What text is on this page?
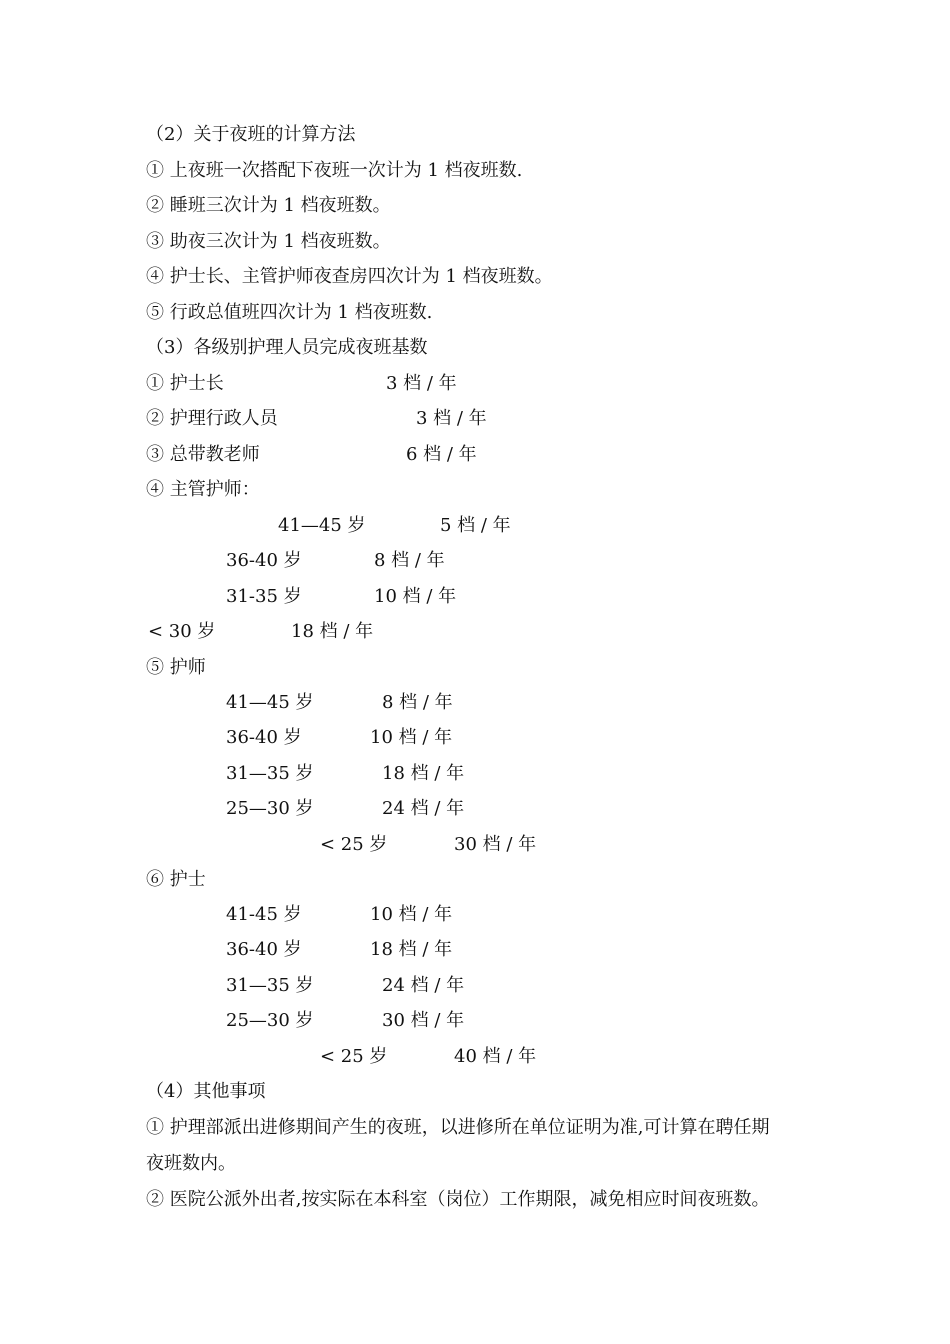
（2）关于夜班的计算方法

① 上夜班一次搭配下夜班一次计为 1 档夜班数.

② 睡班三次计为 1 档夜班数。

③ 助夜三次计为 1 档夜班数。

④ 护士长、主管护师夜查房四次计为 1 档夜班数。

⑤ 行政总值班四次计为 1 档夜班数.

（3）各级别护理人员完成夜班基数

① 护士长	3 档 / 年

② 护理行政人员	3 档 / 年

③ 总带教老师	6 档 / 年

④ 主管护师：

41—45 岁	5 档 / 年

36-40 岁	8 档 / 年

31-35 岁	10 档 / 年

< 30 岁	18 档 / 年

⑤ 护师

41—45 岁	8 档 / 年

36-40 岁	10 档 / 年

31—35 岁	18 档 / 年

25—30 岁	24 档 / 年

< 25 岁	30 档 / 年

⑥ 护士

41-45 岁	10 档 / 年

36-40 岁	18 档 / 年

31—35 岁	24 档 / 年

25—30 岁	30 档 / 年

< 25 岁	40 档 / 年

（4）其他事项

① 护理部派出进修期间产生的夜班，以进修所在单位证明为准,可计算在聘任期

夜班数内。

② 医院公派外出者,按实际在本科室（岗位）工作期限，减免相应时间夜班数。
